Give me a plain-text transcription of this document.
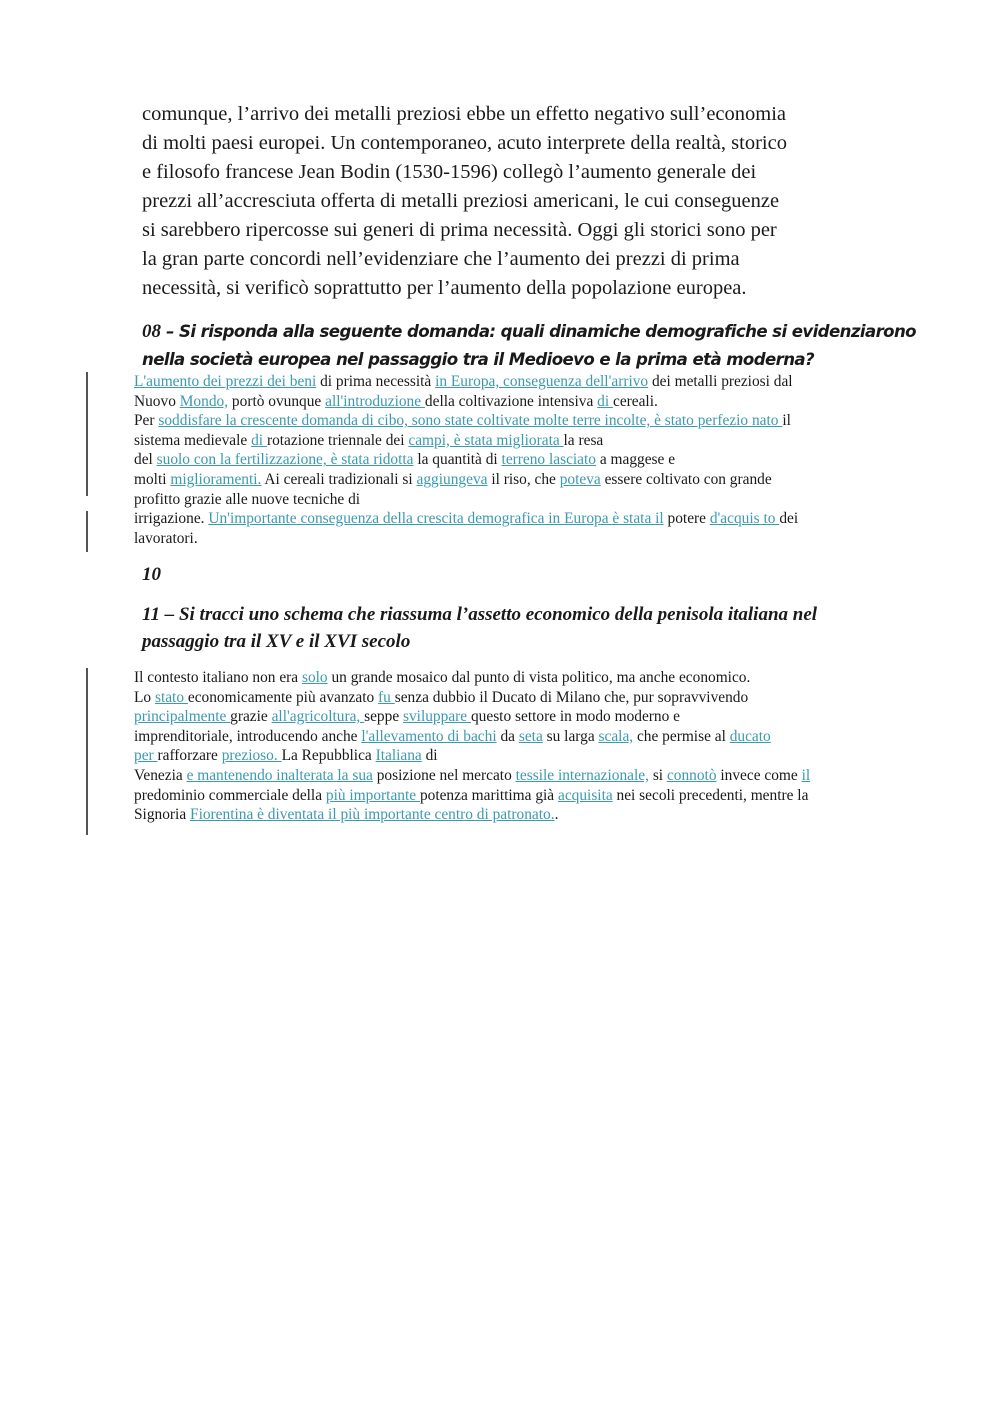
comunque, l’arrivo dei metalli preziosi ebbe un effetto negativo sull’economia
di molti paesi europei. Un contemporaneo, acuto interprete della realtà, storico
e filosofo francese Jean Bodin (1530-1596) collegò l’aumento generale dei
prezzi all’accresciuta offerta di metalli preziosi americani, le cui conseguenze
si sarebbero ripercosse sui generi di prima necessità. Oggi gli storici sono per
la gran parte concordi nell’evidenziare che l’aumento dei prezzi di prima
necessità, si verificò soprattutto per l’aumento della popolazione europea.
08 – Si risponda alla seguente domanda: quali dinamiche demografiche si evidenziarono
nella società europea nel passaggio tra il Medioevo e la prima età moderna?
L'aumento dei prezzi dei beni di prima necessità in Europa, conseguenza dell'arrivo dei metalli preziosi dal
Nuovo Mondo, portò ovunque all'introduzione della coltivazione intensiva di cereali.
Per soddisfare la crescente domanda di cibo, sono state coltivate molte terre incolte, è stato perfezio nato il
sistema medievale di rotazione triennale dei campi, è stata migliorata la resa
del suolo con la fertilizzazione, è stata ridotta la quantità di terreno lasciato a maggese e
molti miglioramenti. Ai cereali tradizionali si aggiungeva il riso, che poteva essere coltivato con grande
profitto grazie alle nuove tecniche di
irrigazione. Un'importante conseguenza della crescita demografica in Europa è stata il potere d'acquis to dei
lavoratori.
10
11 – Si tracci uno schema che riassuma l’assetto economico della penisola italiana nel
passaggio tra il XV e il XVI secolo
Il contesto italiano non era solo un grande mosaico dal punto di vista politico, ma anche economico.
Lo stato economicamente più avanzato fu senza dubbio il Ducato di Milano che, pur sopravvivendo
principalmente grazie all'agricoltura, seppe sviluppare questo settore in modo moderno e
imprenditoriale, introducendo anche l'allevamento di bachi da seta su larga scala, che permise al ducato
per rafforzare prezioso. La Repubblica Italiana di
Venezia e mantenendo inalterata la sua posizione nel mercato tessile internazionale, si connotò invece come il
predominio commerciale della più importante potenza marittima già acquisita nei secoli precedenti, mentre la
Signoria Fiorentina è diventata il più importante centro di patronato..
